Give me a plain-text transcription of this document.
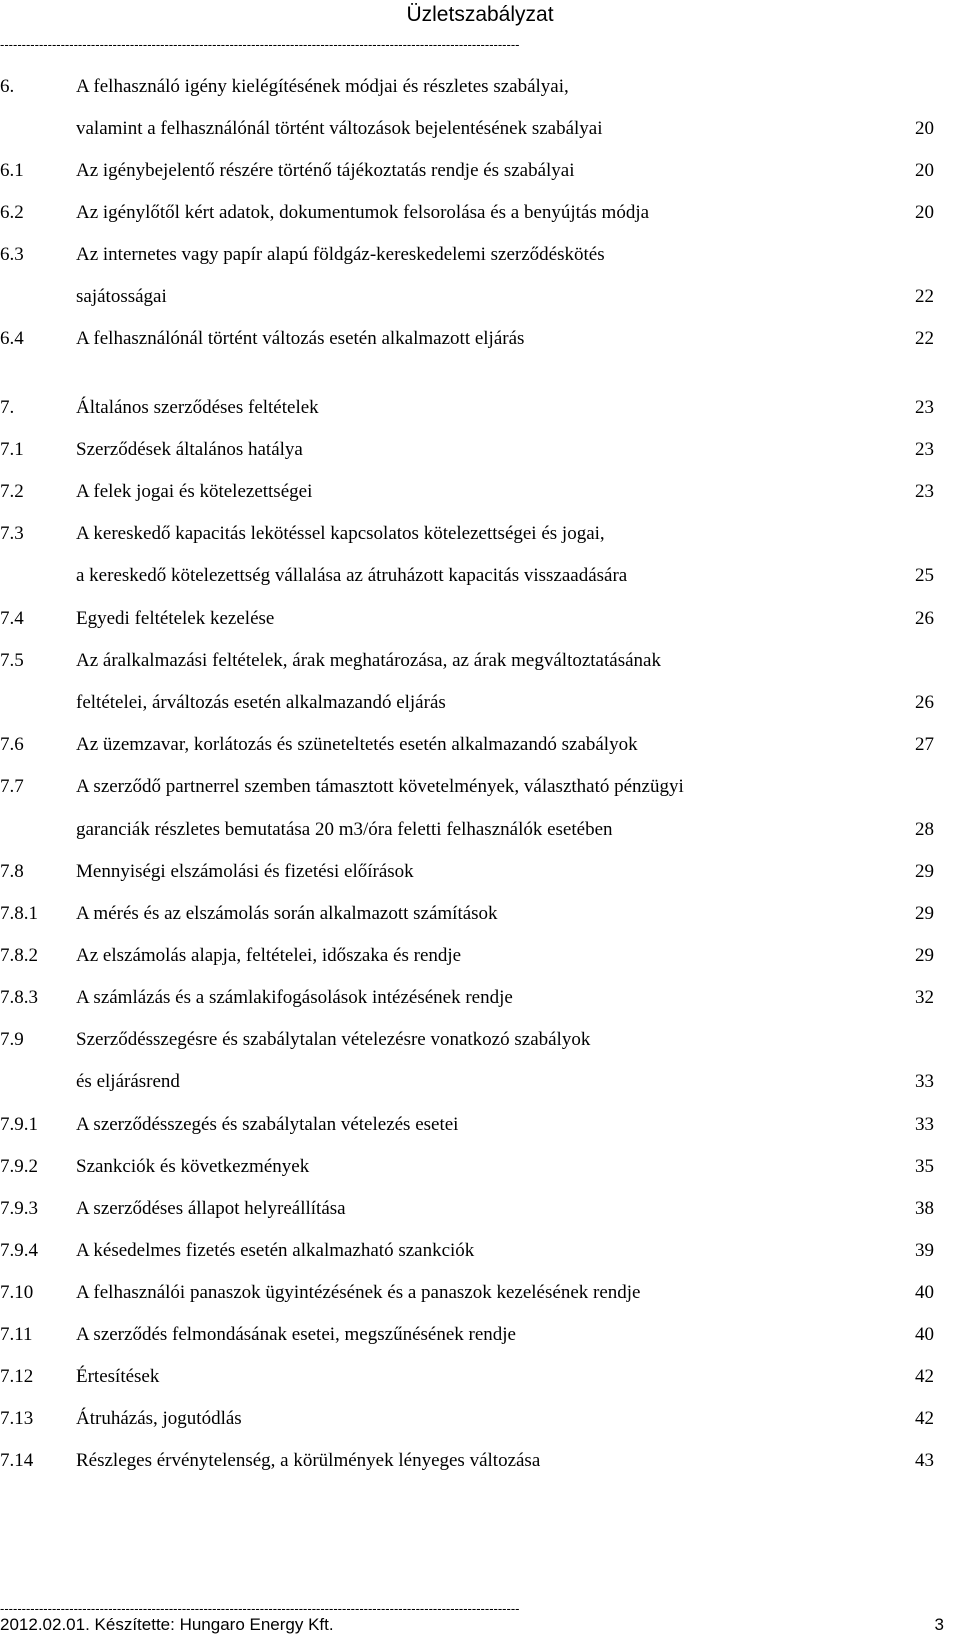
Üzletszabályzat
------------------------------------------------------------------------------------------------------------------------
6.	A felhasználó igény kielégítésének módjai és részletes szabályai,
valamint a felhasználónál történt változások bejelentésének szabályai	20
6.1	Az igénybejelentő részére történő tájékoztatás rendje és szabályai	20
6.2	Az igénylőtől kért adatok, dokumentumok felsorolása és a benyújtás módja	20
6.3	Az internetes vagy papír alapú földgáz-kereskedelemi szerződéskötés
sajátosságai	22
6.4	A felhasználónál történt változás esetén alkalmazott eljárás	22
7.	Általános szerződéses feltételek	23
7.1	Szerződések általános hatálya	23
7.2	A felek jogai és kötelezettségei	23
7.3	A kereskedő kapacitás lekötéssel kapcsolatos kötelezettségei és jogai,
a kereskedő kötelezettség vállalása az átruházott kapacitás visszaadására	25
7.4	Egyedi feltételek kezelése	26
7.5	Az áralkalmazási feltételek, árak meghatározása, az árak megváltoztatásának
feltételei, árváltozás esetén alkalmazandó eljárás	26
7.6	Az üzemzavar, korlátozás és szüneteltetés esetén alkalmazandó szabályok	27
7.7	A szerződő partnerrel szemben támasztott követelmények, választható pénzügyi
garanciák részletes bemutatása 20 m3/óra feletti felhasználók esetében	28
7.8	Mennyiségi elszámolási és fizetési előírások	29
7.8.1 A mérés és az elszámolás során alkalmazott számítások	29
7.8.2 Az elszámolás alapja, feltételei, időszaka és rendje	29
7.8.3 A számlázás és a számlakifogásolások intézésének rendje	32
7.9	Szerződésszegésre és szabálytalan vételezésre vonatkozó szabályok
és eljárásrend	33
7.9.1 A szerződésszegés és szabálytalan vételezés esetei	33
7.9.2 Szankciók és következmények	35
7.9.3 A szerződéses állapot helyreállítása	38
7.9.4 A késedelmes fizetés esetén alkalmazható szankciók	39
7.10 A felhasználói panaszok ügyintézésének és a panaszok kezelésének rendje	40
7.11 A szerződés felmondásának esetei, megszűnésének rendje	40
7.12 Értesítések	42
7.13 Átruházás, jogutódlás	42
7.14 Részleges érvénytelenség, a körülmények lényeges változása	43
------------------------------------------------------------------------------------------------------------------------
2012.02.01. Készítette: Hungaro Energy Kft.	3
